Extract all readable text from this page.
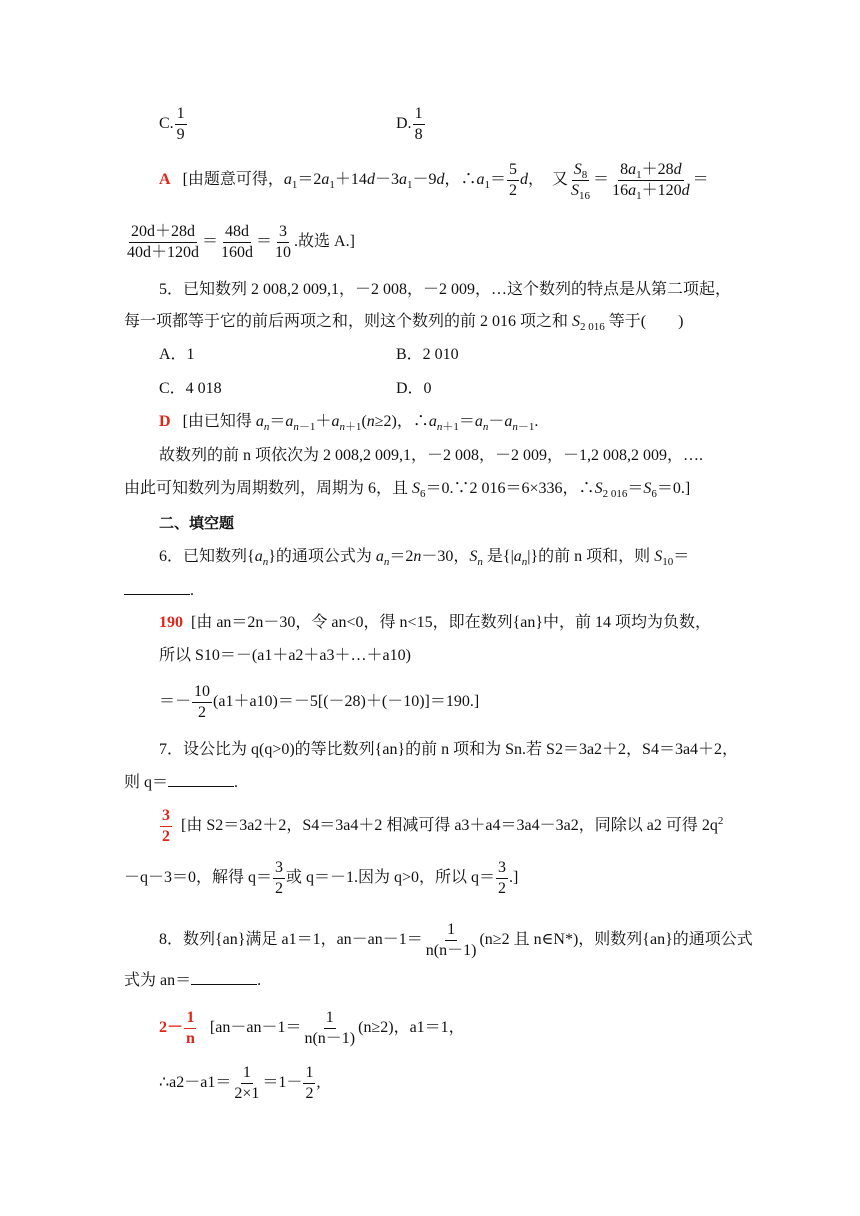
C. $\frac{1}{9}$	D. $\frac{1}{8}$
A [由题意可得，$a_1=2a_1+14d-3a_1-9d$，$\therefore a_1= \frac{5}{2}$ d，  又 $\frac{S_8}{S_{16}} = \frac{8a_1+28d}{16a_1+120d}$ ＝
$\frac{20d+28d}{40d+120d} = \frac{48d}{160d} = \frac{3}{10}$ .故选 A.]
5．已知数列 2 008,2 009,1，－2 008，－2 009，…这个数列的特点是从第二项起，
每一项都等于它的前后两项之和，则这个数列的前 2 016 项之和 $S_{2 016}$ 等于(　　)
A．1	B．2 010
C．4 018	D．0
D [由已知得 $a_n=a_{n-1}+a_{n+1}(n\ge 2)$，$\therefore a_{n+1}=a_n-a_{n-1}$.
故数列的前 n 项依次为 2 008,2 009,1，－2 008，－2 009，－1,2 008,2 009，….
由此可知数列为周期数列，周期为 6，且 $S_6=0.\because 2$ 016＝6×336，$\therefore S_{2 016}=S_6=0$.]
二、填空题
6．已知数列$\{a_n\}$的通项公式为 $a_n=2n-30$，$S_n$ 是$\{|a_n|\}$的前 n 项和，则 $S_{10}=$
.
190 [由 an＝2n－30，令 an<0，得 n<15，即在数列{an}中，前 14 项均为负数，
所以 S10＝－(a1＋a2＋a3＋…＋a10)
＝－ $\frac{10}{2} (a1+a10)=-5[(-28)+(-10)]=190$.]
7．设公比为 q(q>0)的等比数列{an}的前 n 项和为 Sn.若 S2＝3a2＋2，S4＝3a4＋2，
则 q＝	.
$\frac{3}{2}$ [由 S2＝3a2＋2，S4＝3a4＋2 相减可得 a3＋a4＝3a4－3a2，同除以 a2 可得 $2q^2$
－q－3＝0，解得 $q= \frac{3}{2}$ 或 q＝－1.因为 q>0，所以 $q= \frac{3}{2}$ .]
8．数列{an}满足 a1＝1，$an-an-1= \frac{1}{n(n-1)} (n\ge 2$ 且 n∈N*)，则数列{an}的通项公式
式为 an＝	.
$2- \frac{1}{n} [an-an-1= \frac{1}{n(n-1)} (n\ge 2)$，a1＝1，
∴a2－a1＝ $\frac{1}{2\times 1} =1- \frac{1}{2}$ ,
